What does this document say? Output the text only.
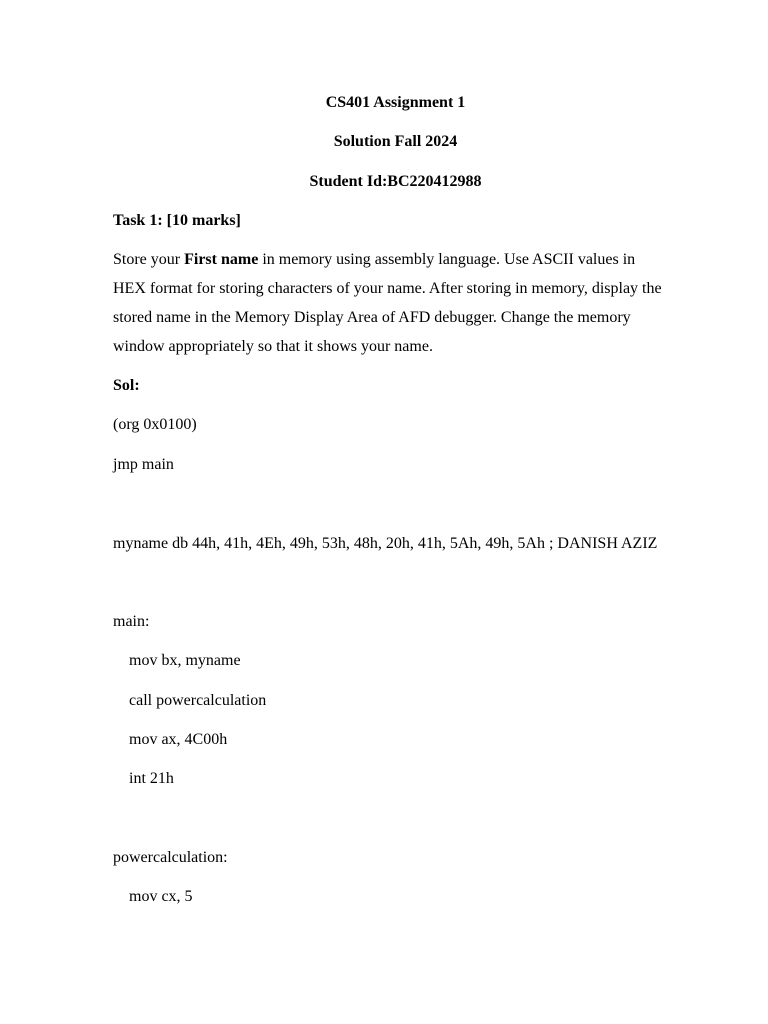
CS401 Assignment 1
Solution Fall 2024
Student Id:BC220412988
Task 1: [10 marks]
Store your First name in memory using assembly language. Use ASCII values in
HEX format for storing characters of your name. After storing in memory, display the
stored name in the Memory Display Area of AFD debugger. Change the memory
window appropriately so that it shows your name.
Sol:
(org 0x0100)
jmp main
myname db 44h, 41h, 4Eh, 49h, 53h, 48h, 20h, 41h, 5Ah, 49h, 5Ah ; DANISH AZIZ
main:
mov bx, myname
call powercalculation
mov ax, 4C00h
int 21h
powercalculation:
mov cx, 5
